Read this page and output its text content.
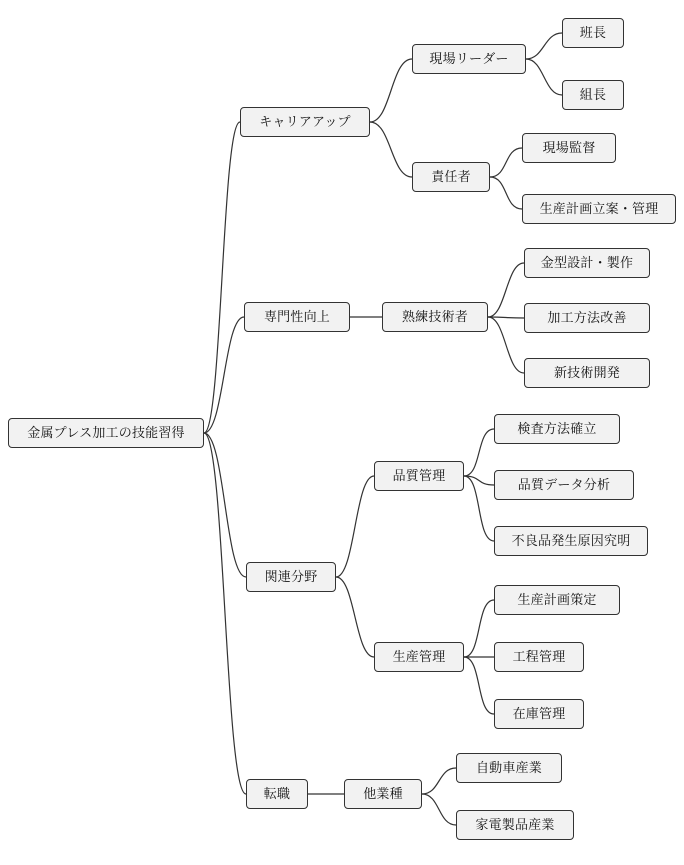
金属プレス加工の技能習得
キャリアアップ
現場リーダー
班長
組長
責任者
現場監督
生産計画立案・管理
専門性向上	熟練技術者
金型設計・製作
加工方法改善
新技術開発
関連分野
品質管理
検査方法確立
品質データ分析
不良品発生原因究明
生産管理
生産計画策定
工程管理
在庫管理
転職	他業種
自動車産業
家電製品産業
